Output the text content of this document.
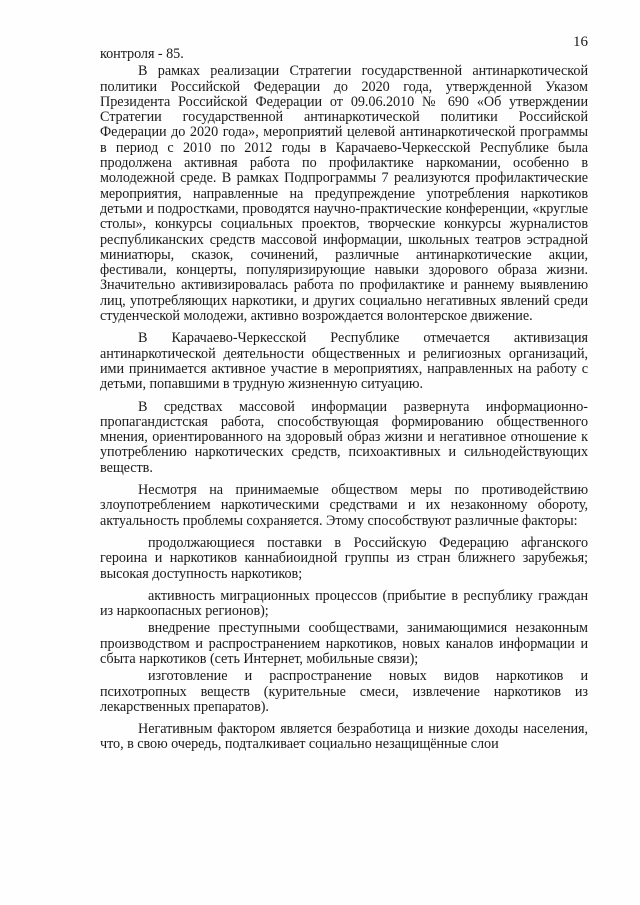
16

контроля - 85.

В рамках реализации Стратегии государственной антинаркотической политики Российской Федерации до 2020 года, утвержденной Указом Президента Российской Федерации от 09.06.2010 № 690 «Об утверждении Стратегии государственной антинаркотической политики Российской Федерации до 2020 года», мероприятий целевой антинаркотической программы в период с 2010 по 2012 годы в Карачаево-Черкесской Республике была продолжена активная работа по профилактике наркомании, особенно в молодежной среде. В рамках Подпрограммы 7 реализуются профилактические мероприятия, направленные на предупреждение употребления наркотиков детьми и подростками, проводятся научно-практические конференции, «круглые столы», конкурсы социальных проектов, творческие конкурсы журналистов республиканских средств массовой информации, школьных театров эстрадной миниатюры, сказок, сочинений, различные антинаркотические акции, фестивали, концерты, популяризирующие навыки здорового образа жизни. Значительно активизировалась работа по профилактике и раннему выявлению лиц, употребляющих наркотики, и других социально негативных явлений среди студенческой молодежи, активно возрождается волонтерское движение.

В Карачаево-Черкесской Республике отмечается активизация антинаркотической деятельности общественных и религиозных организаций, ими принимается активное участие в мероприятиях, направленных на работу с детьми, попавшими в трудную жизненную ситуацию.

В средствах массовой информации развернута информационно-пропагандистская работа, способствующая формированию общественного мнения, ориентированного на здоровый образ жизни и негативное отношение к употреблению наркотических средств, психоактивных и сильнодействующих веществ.

Несмотря на принимаемые обществом меры по противодействию злоупотреблением наркотическими средствами и их незаконному обороту, актуальность проблемы сохраняется. Этому способствуют различные факторы:

продолжающиеся поставки в Российскую Федерацию афганского героина и наркотиков каннабиоидной группы из стран ближнего зарубежья; высокая доступность наркотиков;

активность миграционных процессов (прибытие в республику граждан из наркоопасных регионов);

внедрение преступными сообществами, занимающимися незаконным производством и распространением наркотиков, новых каналов информации и сбыта наркотиков (сеть Интернет, мобильные связи);

изготовление и распространение новых видов наркотиков и психотропных веществ (курительные смеси, извлечение наркотиков из лекарственных препаратов).

Негативным фактором является безработица и низкие доходы населения, что, в свою очередь, подталкивает социально незащищённые слои
